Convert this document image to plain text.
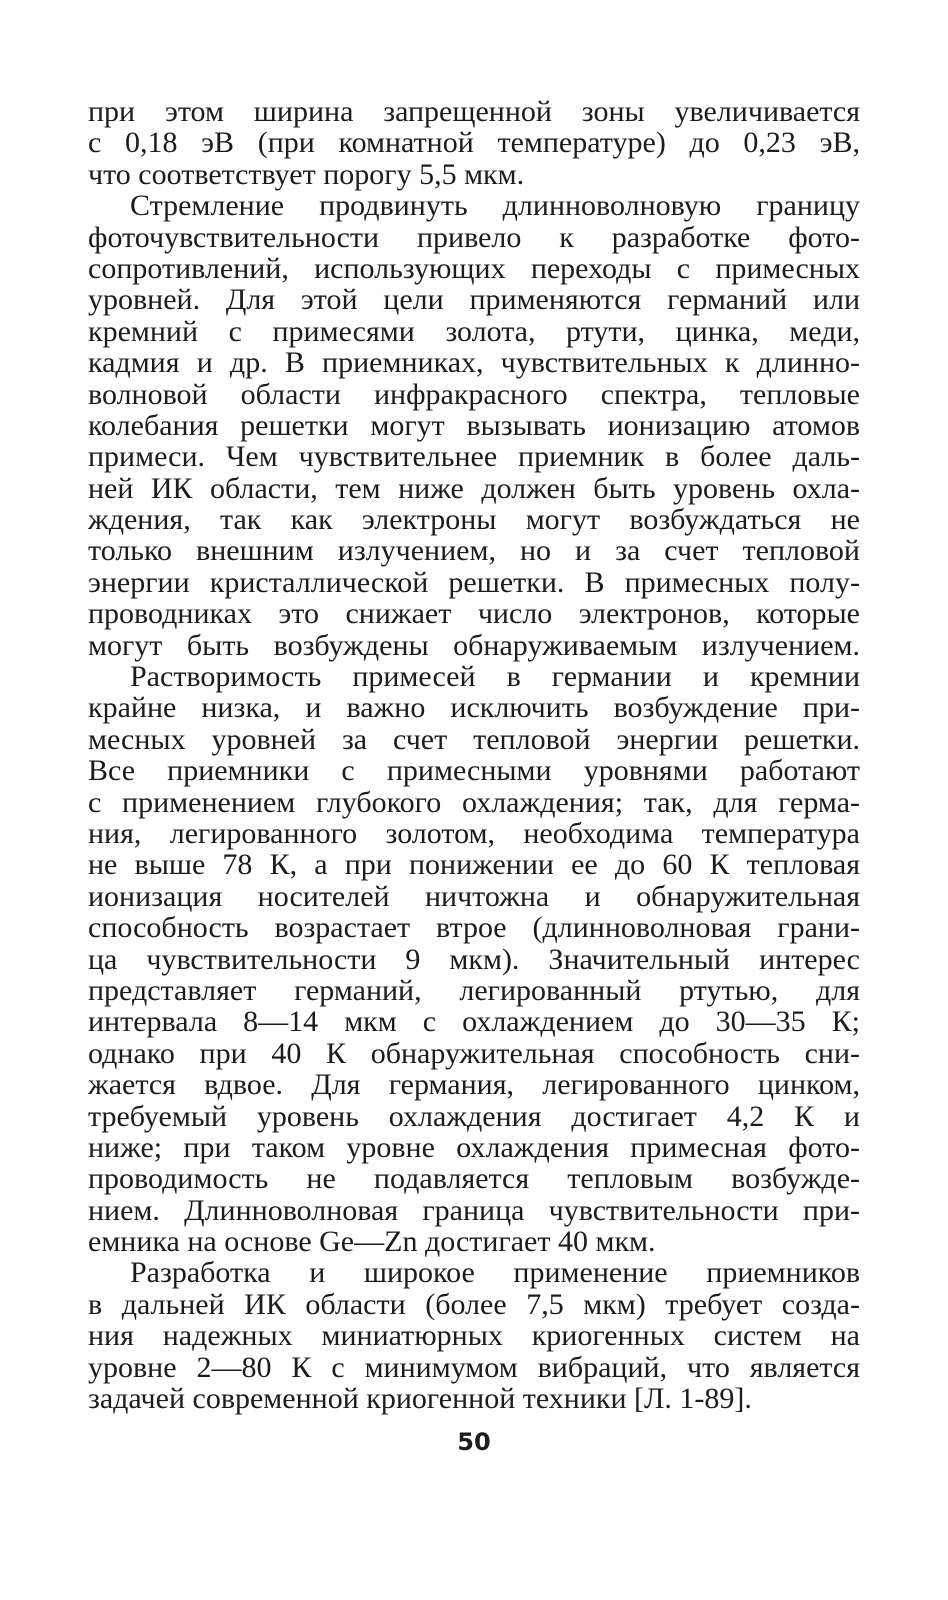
при этом ширина запрещенной зоны увеличивается
с 0,18 эВ (при комнатной температуре) до 0,23 эВ,
что соответствует порогу 5,5 мкм.
Стремление продвинуть длинноволновую границу
фоточувствительности привело к разработке фото-
сопротивлений, использующих переходы с примесных
уровней. Для этой цели применяются германий или
кремний с примесями золота, ртути, цинка, меди,
кадмия и др. В приемниках, чувствительных к длинно-
волновой области инфракрасного спектра, тепловые
колебания решетки могут вызывать ионизацию атомов
примеси. Чем чувствительнее приемник в более даль-
ней ИК области, тем ниже должен быть уровень охла-
ждения, так как электроны могут возбуждаться не
только внешним излучением, но и за счет тепловой
энергии кристаллической решетки. В примесных полу-
проводниках это снижает число электронов, которые
могут быть возбуждены обнаруживаемым излучением.
Растворимость примесей в германии и кремнии
крайне низка, и важно исключить возбуждение при-
месных уровней за счет тепловой энергии решетки.
Все приемники с примесными уровнями работают
с применением глубокого охлаждения; так, для герма-
ния, легированного золотом, необходима температура
не выше 78 К, а при понижении ее до 60 К тепловая
ионизация носителей ничтожна и обнаружительная
способность возрастает втрое (длинноволновая грани-
ца чувствительности 9 мкм). Значительный интерес
представляет германий, легированный ртутью, для
интервала 8—14 мкм с охлаждением до 30—35 К;
однако при 40 К обнаружительная способность сни-
жается вдвое. Для германия, легированного цинком,
требуемый уровень охлаждения достигает 4,2 К и
ниже; при таком уровне охлаждения примесная фото-
проводимость не подавляется тепловым возбужде-
нием. Длинноволновая граница чувствительности при-
емника на основе Ge—Zn достигает 40 мкм.
Разработка и широкое применение приемников
в дальней ИК области (более 7,5 мкм) требует созда-
ния надежных миниатюрных криогенных систем на
уровне 2—80 К с минимумом вибраций, что является
задачей современной криогенной техники [Л. 1-89].
50
